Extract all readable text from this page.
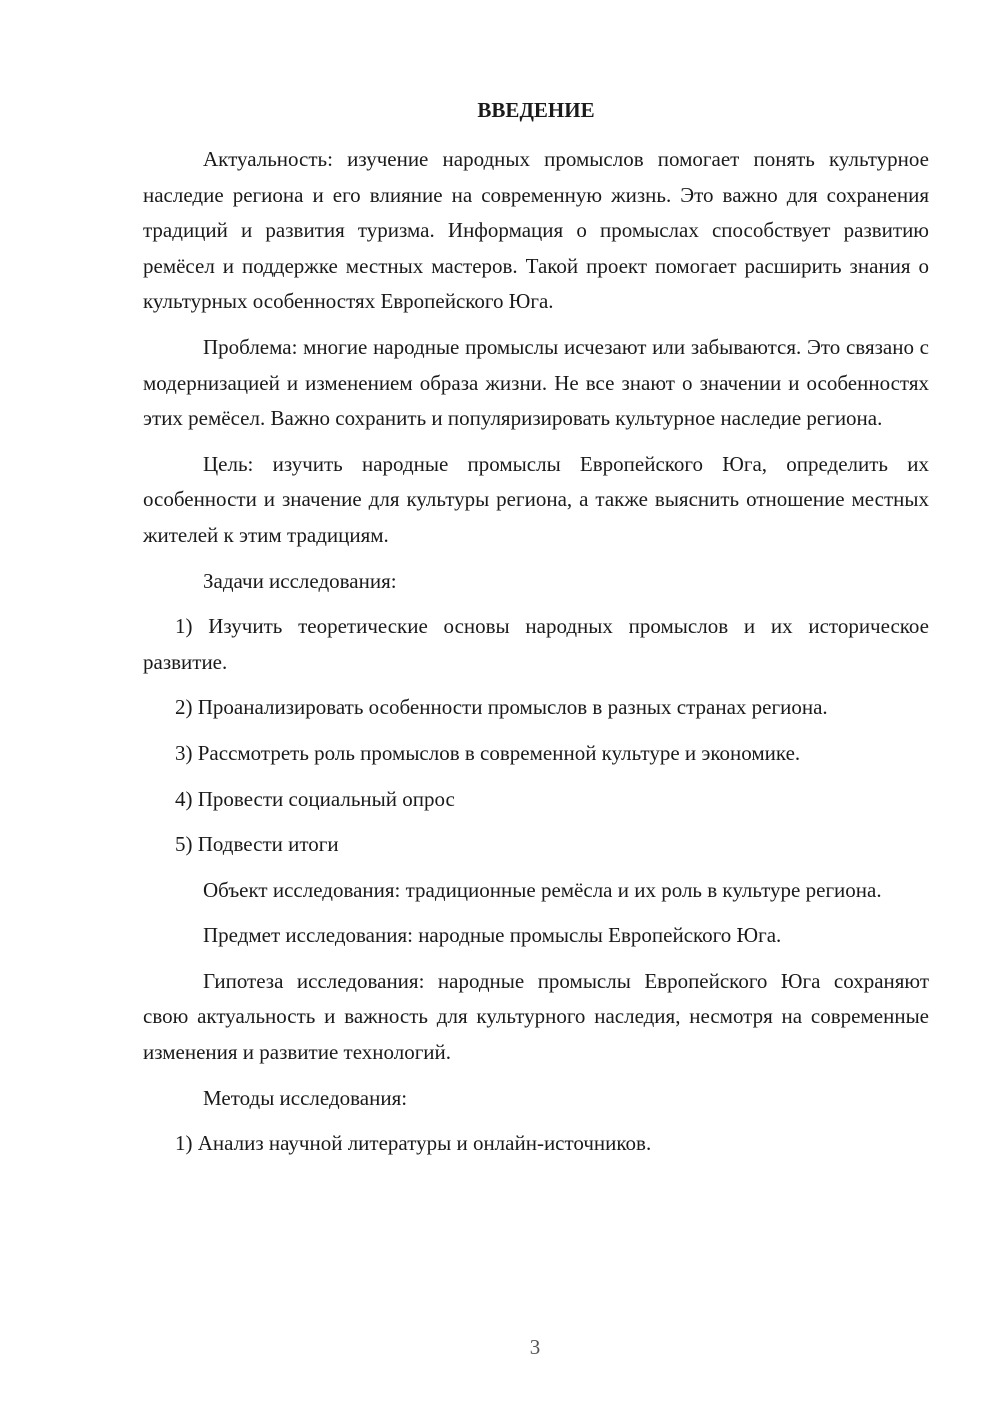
ВВЕДЕНИЕ

Актуальность: изучение народных промыслов помогает понять культурное наследие региона и его влияние на современную жизнь. Это важно для сохранения традиций и развития туризма. Информация о промыслах способствует развитию ремёсел и поддержке местных мастеров. Такой проект помогает расширить знания о культурных особенностях Европейского Юга.

Проблема: многие народные промыслы исчезают или забываются. Это связано с модернизацией и изменением образа жизни. Не все знают о значении и особенностях этих ремёсел. Важно сохранить и популяризировать культурное наследие региона.

Цель: изучить народные промыслы Европейского Юга, определить их особенности и значение для культуры региона, а также выяснить отношение местных жителей к этим традициям.

Задачи исследования:

1) Изучить теоретические основы народных промыслов и их историческое развитие.

2) Проанализировать особенности промыслов в разных странах региона.

3) Рассмотреть роль промыслов в современной культуре и экономике.

4) Провести социальный опрос

5) Подвести итоги

Объект исследования: традиционные ремёсла и их роль в культуре региона.

Предмет исследования: народные промыслы Европейского Юга.

Гипотеза исследования: народные промыслы Европейского Юга сохраняют свою актуальность и важность для культурного наследия, несмотря на современные изменения и развитие технологий.

Методы исследования:

1) Анализ научной литературы и онлайн-источников.

3
